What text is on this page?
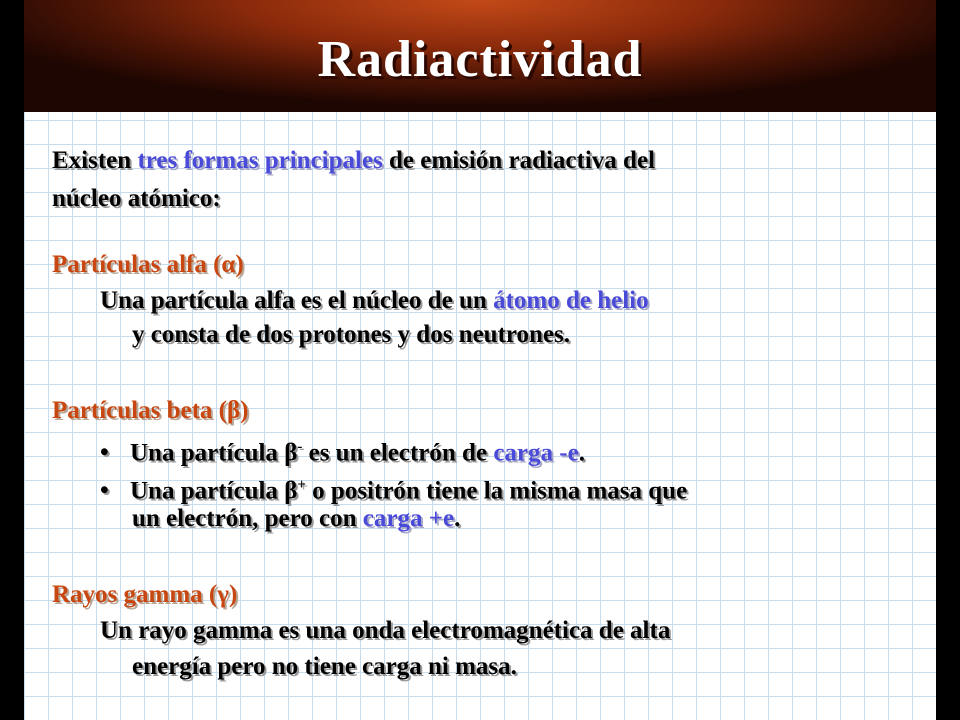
Radiactividad
Existen tres formas principales de emisión radiactiva del
núcleo atómico:
Partículas alfa (α)
Una partícula alfa es el núcleo de un átomo de helio
y consta de dos protones y dos neutrones.
Partículas beta (β)
• Una partícula β- es un electrón de carga -e.
• Una partícula β+ o positrón tiene la misma masa que
un electrón, pero con carga +e.
Rayos gamma (γ)
Un rayo gamma es una onda electromagnética de alta
energía pero no tiene carga ni masa.
